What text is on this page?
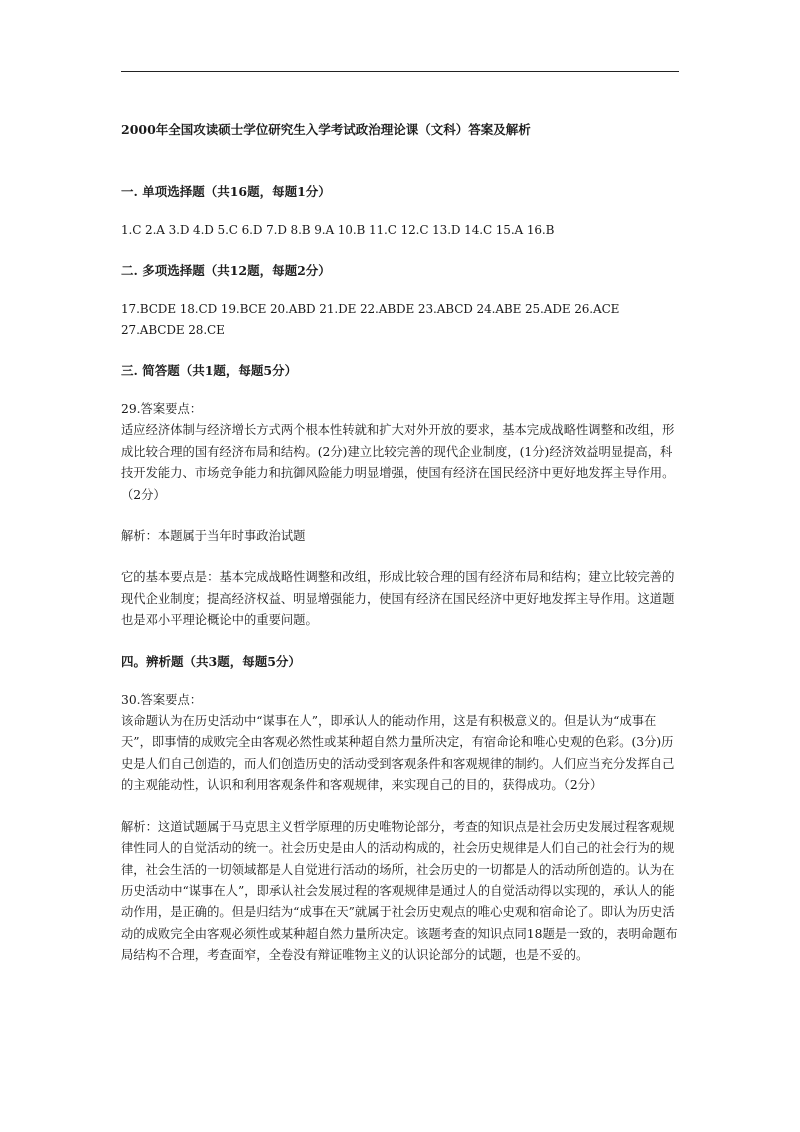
2000年全国攻读硕士学位研究生入学考试政治理论课（文科）答案及解析
一. 单项选择题（共16题，每题1分）
1.C 2.A 3.D 4.D 5.C 6.D 7.D 8.B 9.A 10.B 11.C 12.C 13.D 14.C 15.A 16.B
二. 多项选择题（共12题，每题2分）
17.BCDE 18.CD 19.BCE 20.ABD 21.DE 22.ABDE 23.ABCD 24.ABE 25.ADE 26.ACE 27.ABCDE 28.CE
三. 简答题（共1题，每题5分）
29.答案要点：
适应经济体制与经济增长方式两个根本性转就和扩大对外开放的要求，基本完成战略性调整和改组，形成比较合理的国有经济布局和结构。(2分)建立比较完善的现代企业制度，(1分)经济效益明显提高，科技开发能力、市场竞争能力和抗御风险能力明显增强，使国有经济在国民经济中更好地发挥主导作用。（2分）
解析：本题属于当年时事政治试题
它的基本要点是：基本完成战略性调整和改组，形成比较合理的国有经济布局和结构；建立比较完善的现代企业制度；提高经济权益、明显增强能力，使国有经济在国民经济中更好地发挥主导作用。这道题也是邓小平理论概论中的重要问题。
四。辨析题（共3题，每题5分）
30.答案要点：
该命题认为在历史活动中“谋事在人”，即承认人的能动作用，这是有积极意义的。但是认为“成事在天”，即事情的成败完全由客观必然性或某种超自然力量所决定，有宿命论和唯心史观的色彩。(3分)历史是人们自己创造的，而人们创造历史的活动受到客观条件和客观规律的制约。人们应当充分发挥自己的主观能动性，认识和利用客观条件和客观规律，来实现自己的目的，获得成功。（2分）
解析：这道试题属于马克思主义哲学原理的历史唯物论部分，考查的知识点是社会历史发展过程客观规律性同人的自觉活动的统一。社会历史是由人的活动构成的，社会历史规律是人们自己的社会行为的规律，社会生活的一切领域都是人自觉进行活动的场所，社会历史的一切都是人的活动所创造的。认为在历史活动中“谋事在人”，即承认社会发展过程的客观规律是通过人的自觉活动得以实现的，承认人的能动作用，是正确的。但是归结为“成事在天”就属于社会历史观点的唯心史观和宿命论了。即认为历史活动的成败完全由客观必须性或某种超自然力量所决定。该题考查的知识点同18题是一致的，表明命题布局结构不合理，考查面窄，全卷没有辩证唯物主义的认识论部分的试题，也是不妥的。
